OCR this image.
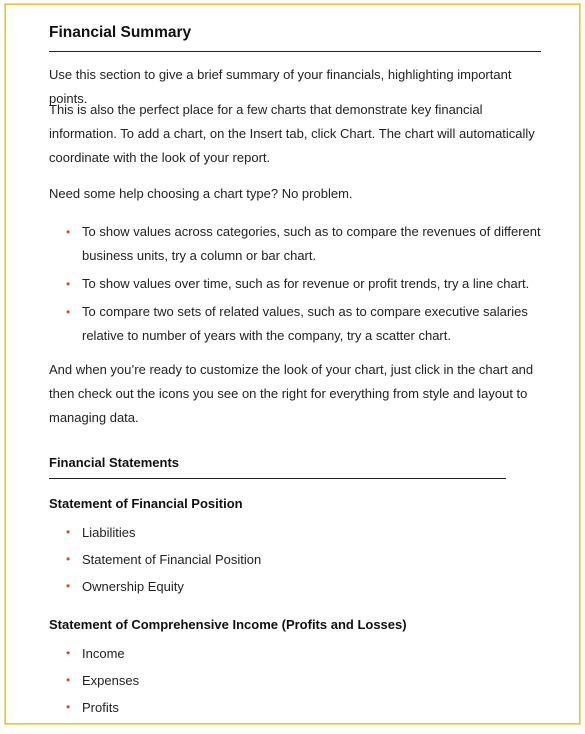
Financial Summary

Use this section to give a brief summary of your financials, highlighting important points.

This is also the perfect place for a few charts that demonstrate key financial information. To add a chart, on the Insert tab, click Chart. The chart will automatically coordinate with the look of your report.

Need some help choosing a chart type? No problem.

• To show values across categories, such as to compare the revenues of different business units, try a column or bar chart.
• To show values over time, such as for revenue or profit trends, try a line chart.
• To compare two sets of related values, such as to compare executive salaries relative to number of years with the company, try a scatter chart.

And when you’re ready to customize the look of your chart, just click in the chart and then check out the icons you see on the right for everything from style and layout to managing data.

Financial Statements
Statement of Financial Position
• Liabilities
• Statement of Financial Position
• Ownership Equity
Statement of Comprehensive Income (Profits and Losses)
• Income
• Expenses
• Profits
